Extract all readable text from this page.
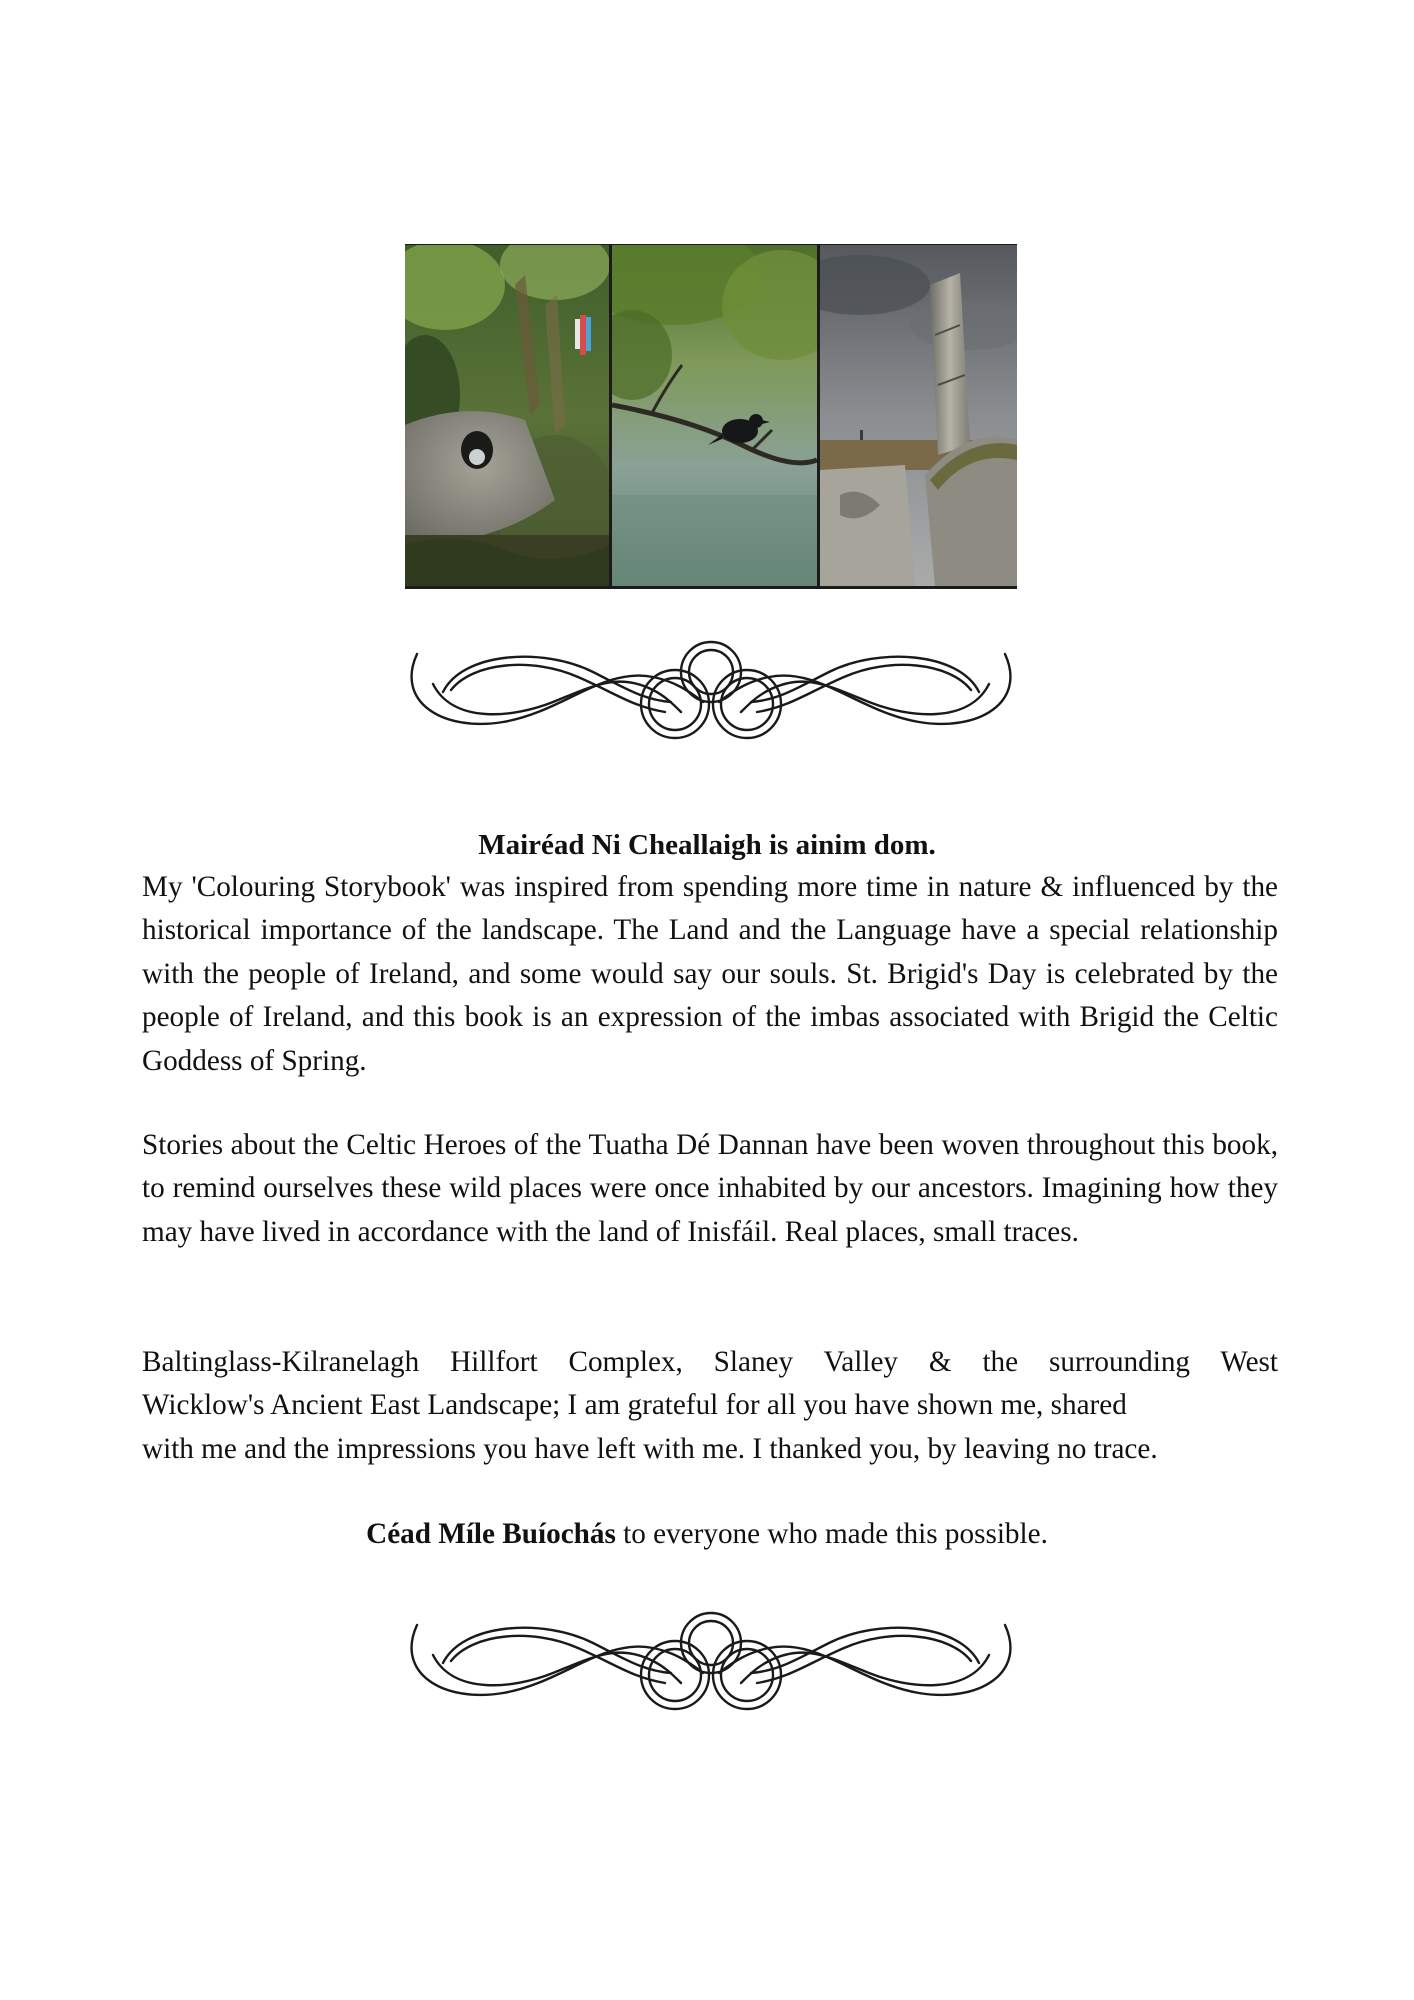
Mairéad Ni Cheallaigh is ainim dom.

My 'Colouring Storybook' was inspired from spending more time in nature & influenced by the historical importance of the landscape. The Land and the Language have a special relationship with the people of Ireland, and some would say our souls. St. Brigid's Day is celebrated by the people of Ireland, and this book is an expression of the imbas associated with Brigid the Celtic Goddess of Spring.

Stories about the Celtic Heroes of the Tuatha Dé Dannan have been woven throughout this book, to remind ourselves these wild places were once inhabited by our ancestors. Imagining how they may have lived in accordance with the land of Inisfáil. Real places, small traces.

Baltinglass-Kilranelagh Hillfort Complex, Slaney Valley & the surrounding West
Wicklow's Ancient East Landscape; I am grateful for all you have shown me, shared
with me and the impressions you have left with me. I thanked you, by leaving no trace.

Céad Míle Buíochás to everyone who made this possible.
